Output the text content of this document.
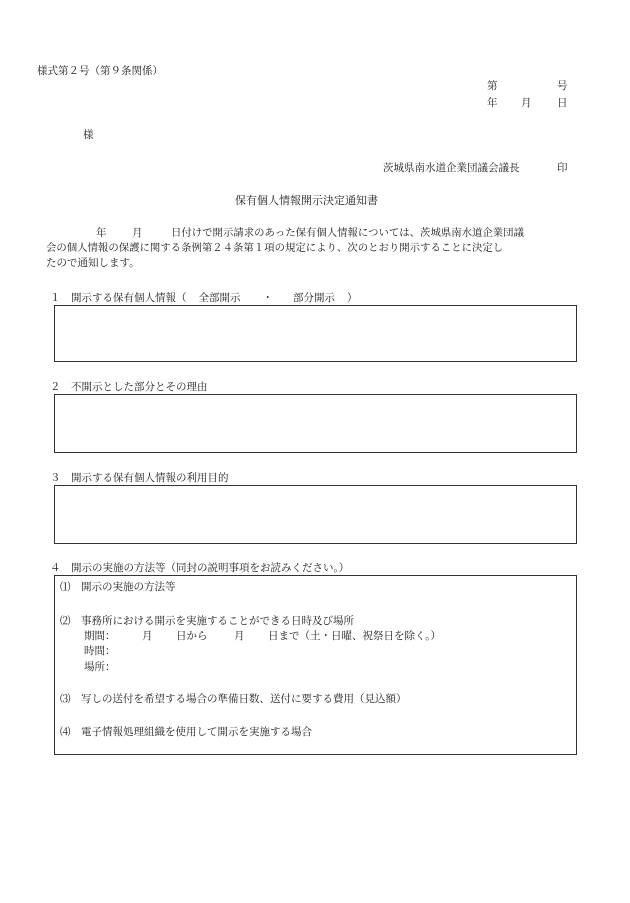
様式第２号（第９条関係）
第	号
年 月 日
様
茨城県南水道企業団議会議長	印
保有個人情報開示決定通知書
年 月	日付けで開示請求のあった保有個人情報については、茨城県南水道企業団議
会の個人情報の保護に関する条例第２４条第１項の規定により、次のとおり開示することに決定し
たので通知します。
１　開示する保有個人情報（ 全部開示 ・ 部分開示 ）
２　不開示とした部分とその理由
３　開示する保有個人情報の利用目的
４　開示の実施の方法等（同封の説明事項をお読みください。）
⑴　開示の実施の方法等
⑵　事務所における開示を実施することができる日時及び場所
期間：	月 日から	月 日まで（土・日曜、祝祭日を除く。）
時間：
場所：
⑶　写しの送付を希望する場合の準備日数、送付に要する費用（見込額）
⑷　電子情報処理組織を使用して開示を実施する場合
